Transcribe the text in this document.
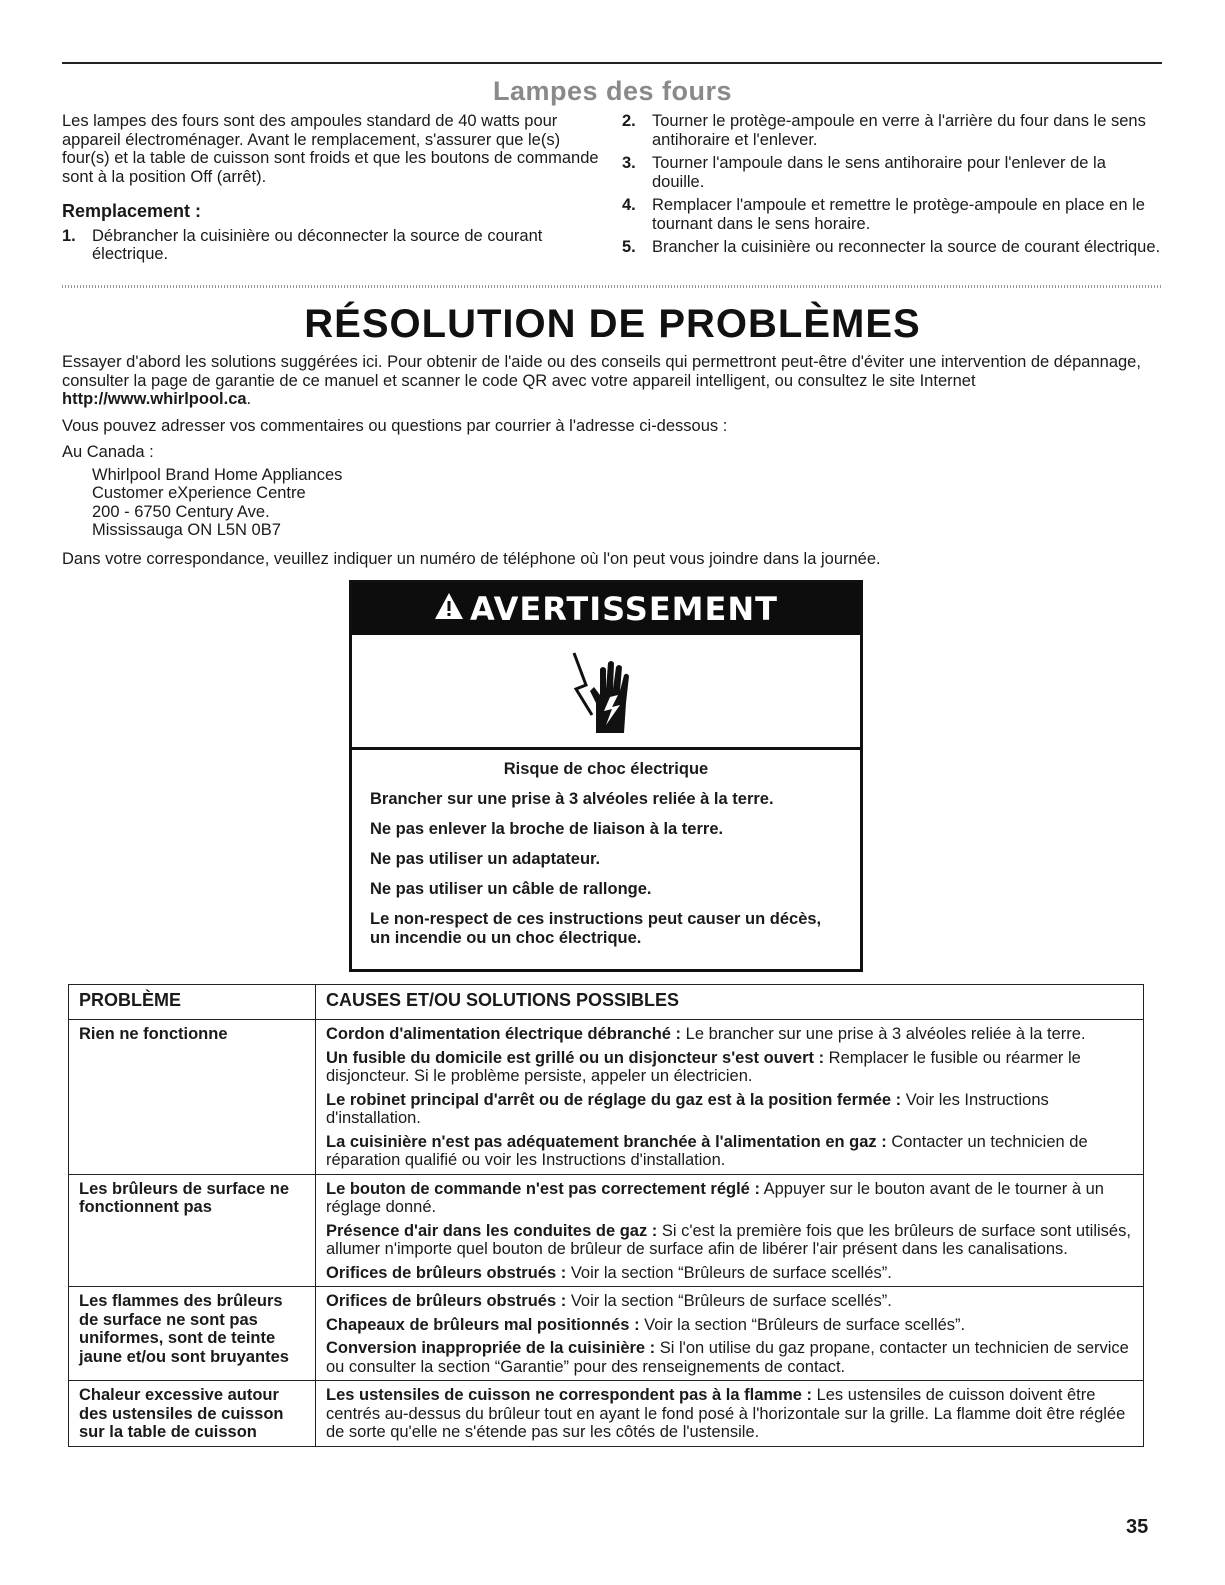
Lampes des fours

Les lampes des fours sont des ampoules standard de 40 watts pour appareil électroménager. Avant le remplacement, s'assurer que le(s) four(s) et la table de cuisson sont froids et que les boutons de commande sont à la position Off (arrêt).

Remplacement :
1. Débrancher la cuisinière ou déconnecter la source de courant électrique.
2. Tourner le protège-ampoule en verre à l'arrière du four dans le sens antihoraire et l'enlever.
3. Tourner l'ampoule dans le sens antihoraire pour l'enlever de la douille.
4. Remplacer l'ampoule et remettre le protège-ampoule en place en le tournant dans le sens horaire.
5. Brancher la cuisinière ou reconnecter la source de courant électrique.
RÉSOLUTION DE PROBLÈMES

Essayer d'abord les solutions suggérées ici. Pour obtenir de l'aide ou des conseils qui permettront peut-être d'éviter une intervention de dépannage, consulter la page de garantie de ce manuel et scanner le code QR avec votre appareil intelligent, ou consultez le site Internet
http://www.whirlpool.ca.

Vous pouvez adresser vos commentaires ou questions par courrier à l'adresse ci-dessous :

Au Canada :

Whirlpool Brand Home Appliances
Customer eXperience Centre
200 - 6750 Century Ave.
Mississauga ON L5N 0B7

Dans votre correspondance, veuillez indiquer un numéro de téléphone où l'on peut vous joindre dans la journée.

AVERTISSEMENT

Risque de choc électrique

Brancher sur une prise à 3 alvéoles reliée à la terre.

Ne pas enlever la broche de liaison à la terre.

Ne pas utiliser un adaptateur.

Ne pas utiliser un câble de rallonge.

Le non-respect de ces instructions peut causer un décès, un incendie ou un choc électrique.

PROBLÈME	CAUSES ET/OU SOLUTIONS POSSIBLES
Rien ne fonctionne	Cordon d'alimentation électrique débranché : Le brancher sur une prise à 3 alvéoles reliée à la terre.

Un fusible du domicile est grillé ou un disjoncteur s'est ouvert : Remplacer le fusible ou réarmer le disjoncteur. Si le problème persiste, appeler un électricien.

Le robinet principal d'arrêt ou de réglage du gaz est à la position fermée : Voir les Instructions d'installation.

La cuisinière n'est pas adéquatement branchée à l'alimentation en gaz : Contacter un technicien de réparation qualifié ou voir les Instructions d'installation.

Les brûleurs de surface ne fonctionnent pas	Le bouton de commande n'est pas correctement réglé : Appuyer sur le bouton avant de le tourner à un réglage donné.

Présence d'air dans les conduites de gaz : Si c'est la première fois que les brûleurs de surface sont utilisés, allumer n'importe quel bouton de brûleur de surface afin de libérer l'air présent dans les canalisations.

Orifices de brûleurs obstrués : Voir la section “Brûleurs de surface scellés”.

Les flammes des brûleurs de surface ne sont pas uniformes, sont de teinte jaune et/ou sont bruyantes	Orifices de brûleurs obstrués : Voir la section “Brûleurs de surface scellés”.

Chapeaux de brûleurs mal positionnés : Voir la section “Brûleurs de surface scellés”.

Conversion inappropriée de la cuisinière : Si l'on utilise du gaz propane, contacter un technicien de service ou consulter la section “Garantie” pour des renseignements de contact.

Chaleur excessive autour des ustensiles de cuisson sur la table de cuisson	Les ustensiles de cuisson ne correspondent pas à la flamme : Les ustensiles de cuisson doivent être centrés au-dessus du brûleur tout en ayant le fond posé à l'horizontale sur la grille. La flamme doit être réglée de sorte qu'elle ne s'étende pas sur les côtés de l'ustensile.

35
